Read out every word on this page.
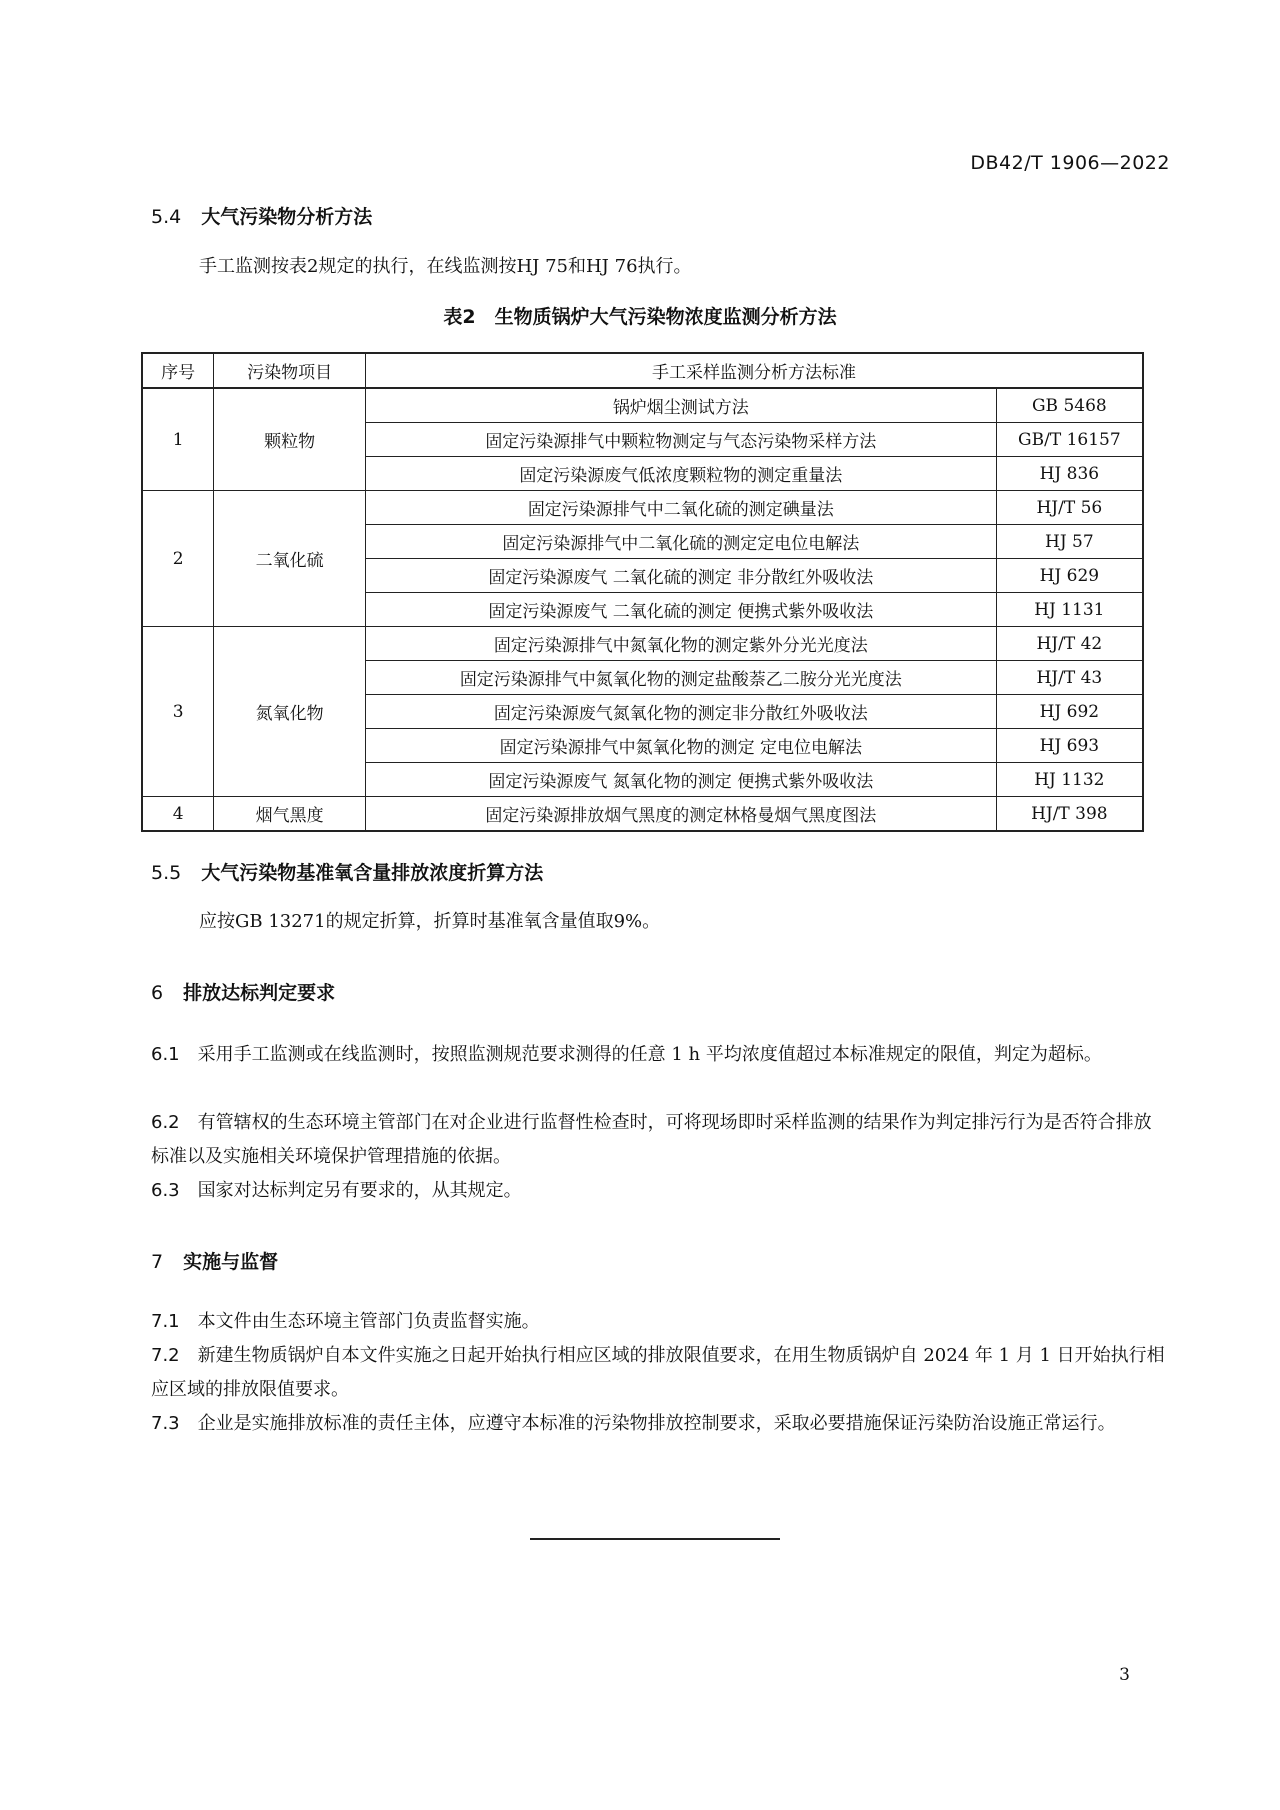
DB42/T 1906—2022
5.4 大气污染物分析方法
手工监测按表2规定的执行，在线监测按HJ 75和HJ 76执行。
表2　生物质锅炉大气污染物浓度监测分析方法
序号	污染物项目	手工采样监测分析方法标准	
1	颗粒物	锅炉烟尘测试方法	GB 5468
		固定污染源排气中颗粒物测定与气态污染物采样方法	GB/T 16157
		固定污染源废气低浓度颗粒物的测定重量法	HJ 836
2	二氧化硫	固定污染源排气中二氧化硫的测定碘量法	HJ/T 56
		固定污染源排气中二氧化硫的测定定电位电解法	HJ 57
		固定污染源废气 二氧化硫的测定 非分散红外吸收法	HJ 629
		固定污染源废气 二氧化硫的测定 便携式紫外吸收法	HJ 1131
3	氮氧化物	固定污染源排气中氮氧化物的测定紫外分光光度法	HJ/T 42
		固定污染源排气中氮氧化物的测定盐酸萘乙二胺分光光度法	HJ/T 43
		固定污染源废气氮氧化物的测定非分散红外吸收法	HJ 692
		固定污染源排气中氮氧化物的测定 定电位电解法	HJ 693
		固定污染源废气 氮氧化物的测定 便携式紫外吸收法	HJ 1132
4	烟气黑度	固定污染源排放烟气黑度的测定林格曼烟气黑度图法	HJ/T 398
5.5 大气污染物基准氧含量排放浓度折算方法
应按GB 13271的规定折算，折算时基准氧含量值取9%。
6 排放达标判定要求
6.1 采用手工监测或在线监测时，按照监测规范要求测得的任意 1 h 平均浓度值超过本标准规定的限值，判定为超标。
6.2 有管辖权的生态环境主管部门在对企业进行监督性检查时，可将现场即时采样监测的结果作为判定排污行为是否符合排放标准以及实施相关环境保护管理措施的依据。
6.3 国家对达标判定另有要求的，从其规定。
7 实施与监督
7.1 本文件由生态环境主管部门负责监督实施。
7.2 新建生物质锅炉自本文件实施之日起开始执行相应区域的排放限值要求，在用生物质锅炉自 2024 年 1 月 1 日开始执行相应区域的排放限值要求。
7.3 企业是实施排放标准的责任主体，应遵守本标准的污染物排放控制要求，采取必要措施保证污染防治设施正常运行。
3
